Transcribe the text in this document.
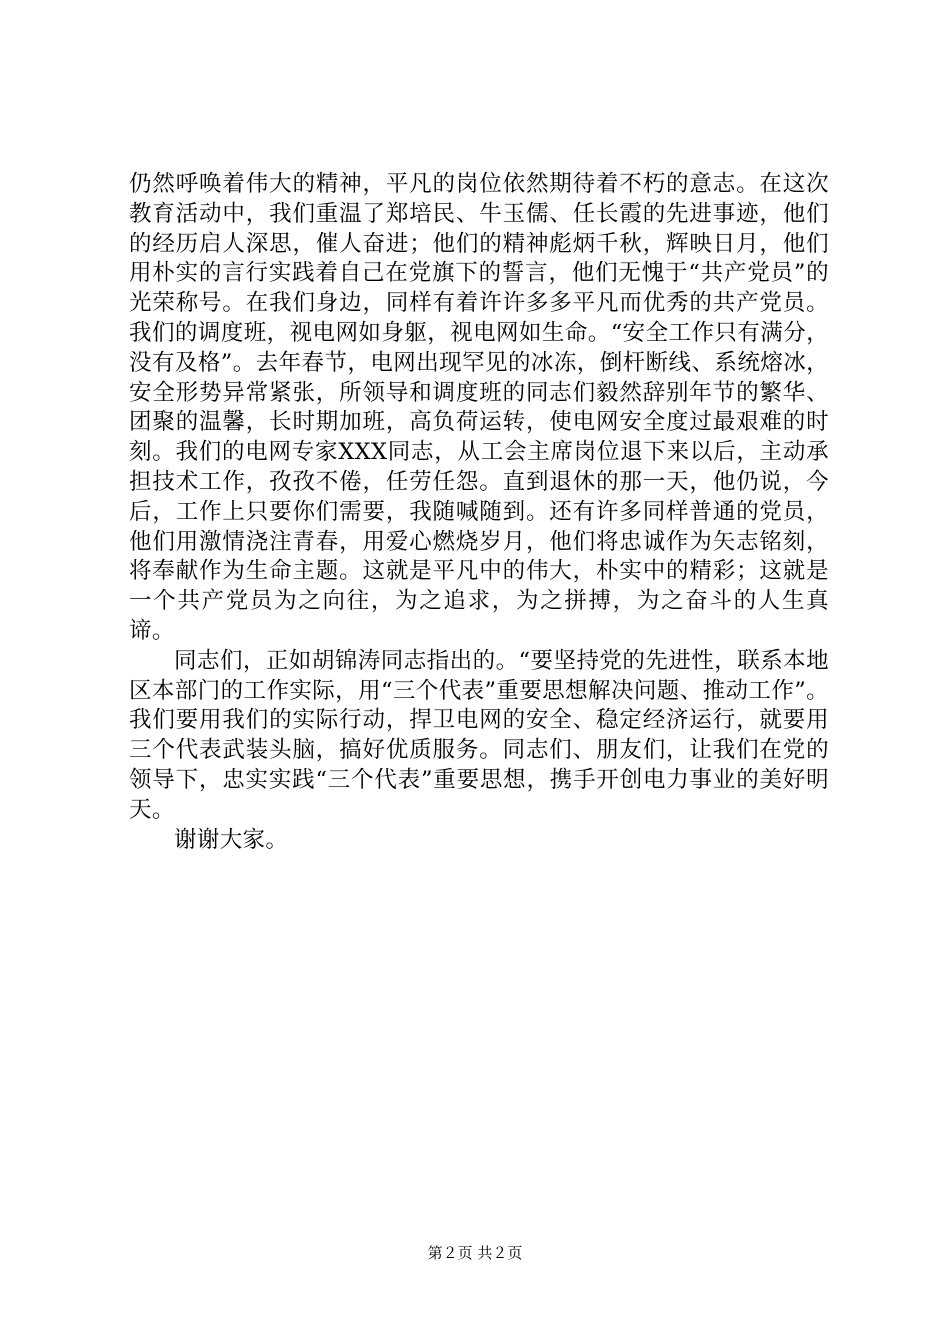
仍然呼唤着伟大的精神，平凡的岗位依然期待着不朽的意志。在这次教育活动中，我们重温了郑培民、牛玉儒、任长霞的先进事迹，他们的经历启人深思，催人奋进；他们的精神彪炳千秋，辉映日月，他们用朴实的言行实践着自己在党旗下的誓言，他们无愧于“共产党员”的光荣称号。在我们身边，同样有着许许多多平凡而优秀的共产党员。我们的调度班，视电网如身躯，视电网如生命。“安全工作只有满分，没有及格”。去年春节，电网出现罕见的冰冻，倒杆断线、系统熔冰，安全形势异常紧张，所领导和调度班的同志们毅然辞别年节的繁华、团聚的温馨，长时期加班，高负荷运转，使电网安全度过最艰难的时刻。我们的电网专家XXX同志，从工会主席岗位退下来以后，主动承担技术工作，孜孜不倦，任劳任怨。直到退休的那一天，他仍说，今后，工作上只要你们需要，我随喊随到。还有许多同样普通的党员，他们用激情浇注青春，用爱心燃烧岁月，他们将忠诚作为矢志铭刻，将奉献作为生命主题。这就是平凡中的伟大，朴实中的精彩；这就是一个共产党员为之向往，为之追求，为之拼搏，为之奋斗的人生真谛。

同志们，正如胡锦涛同志指出的。“要坚持党的先进性，联系本地区本部门的工作实际，用“三个代表”重要思想解决问题、推动工作”。我们要用我们的实际行动，捍卫电网的安全、稳定经济运行，就要用三个代表武装头脑，搞好优质服务。同志们、朋友们，让我们在党的领导下，忠实实践“三个代表”重要思想，携手开创电力事业的美好明天。

谢谢大家。

第２页 共２页
